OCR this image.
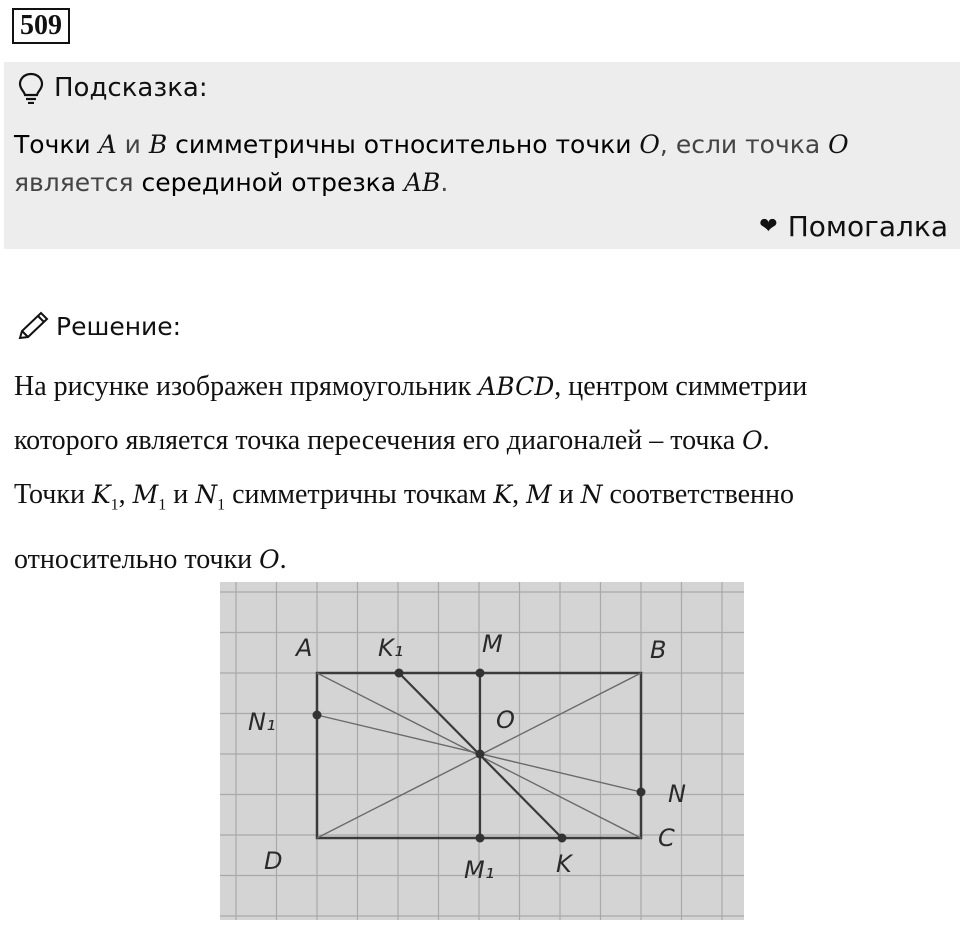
509
Подсказка:
Точки A и B симметричны относительно точки O, если точка O
является серединой отрезка AB.
❤ Помогалка
Решение:
На рисунке изображен прямоугольник ABCD, центром симметрии
которого является точка пересечения его диагоналей – точка O.
Точки $K_1$, $M_1$ и $N_1$ симметричны точкам K, M и N соответственно
относительно точки O.
A	K₁	M	B
N₁	O
N
C
D	M₁	K
